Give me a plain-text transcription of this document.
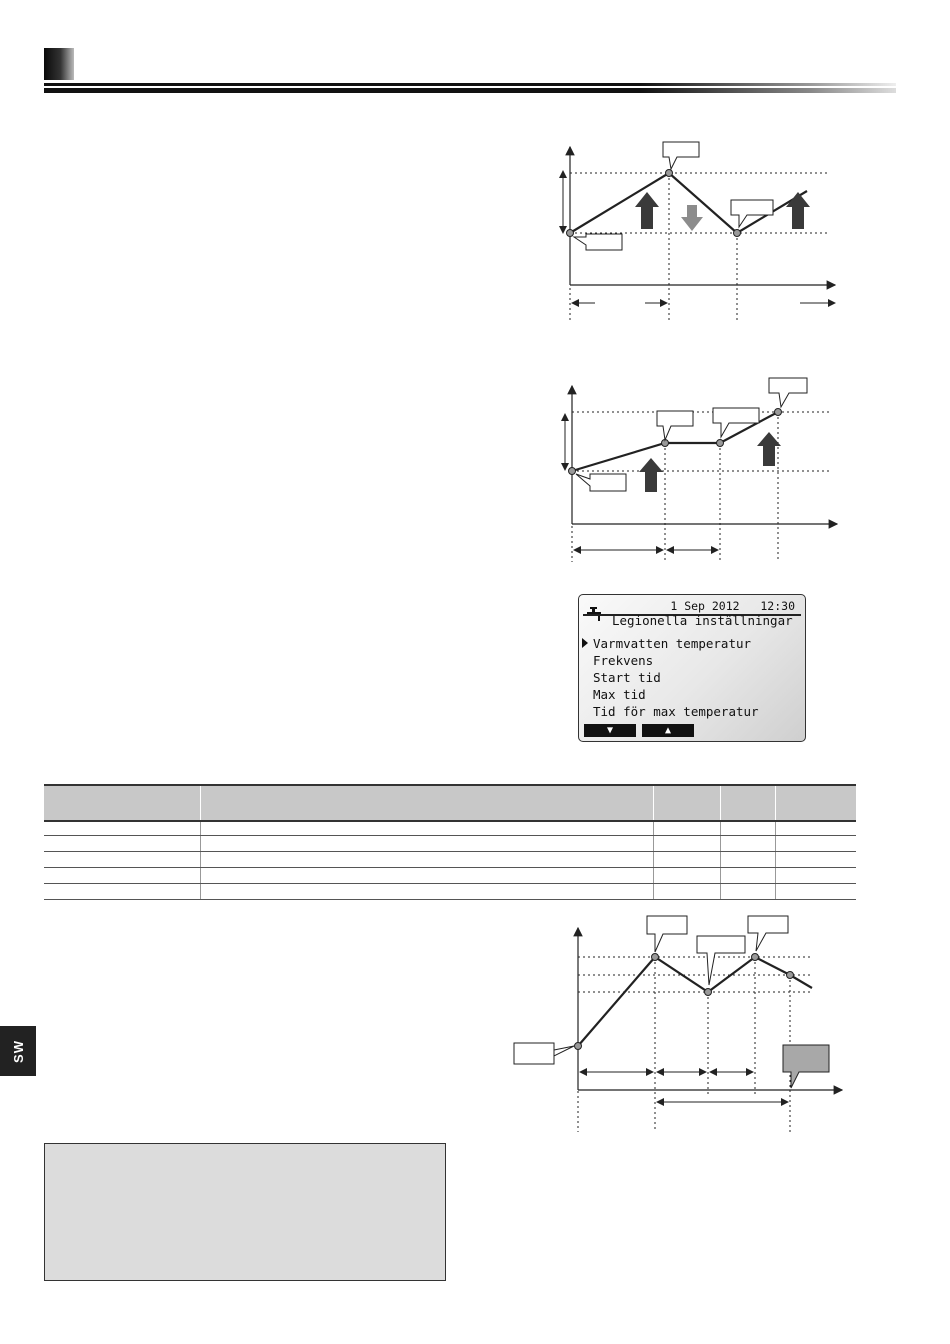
SW
1 Sep 2012 12:30
Legionella inställningar
Varmvatten temperatur
Frekvens
Start tid
Max tid
Tid för max temperatur
▼	▲
